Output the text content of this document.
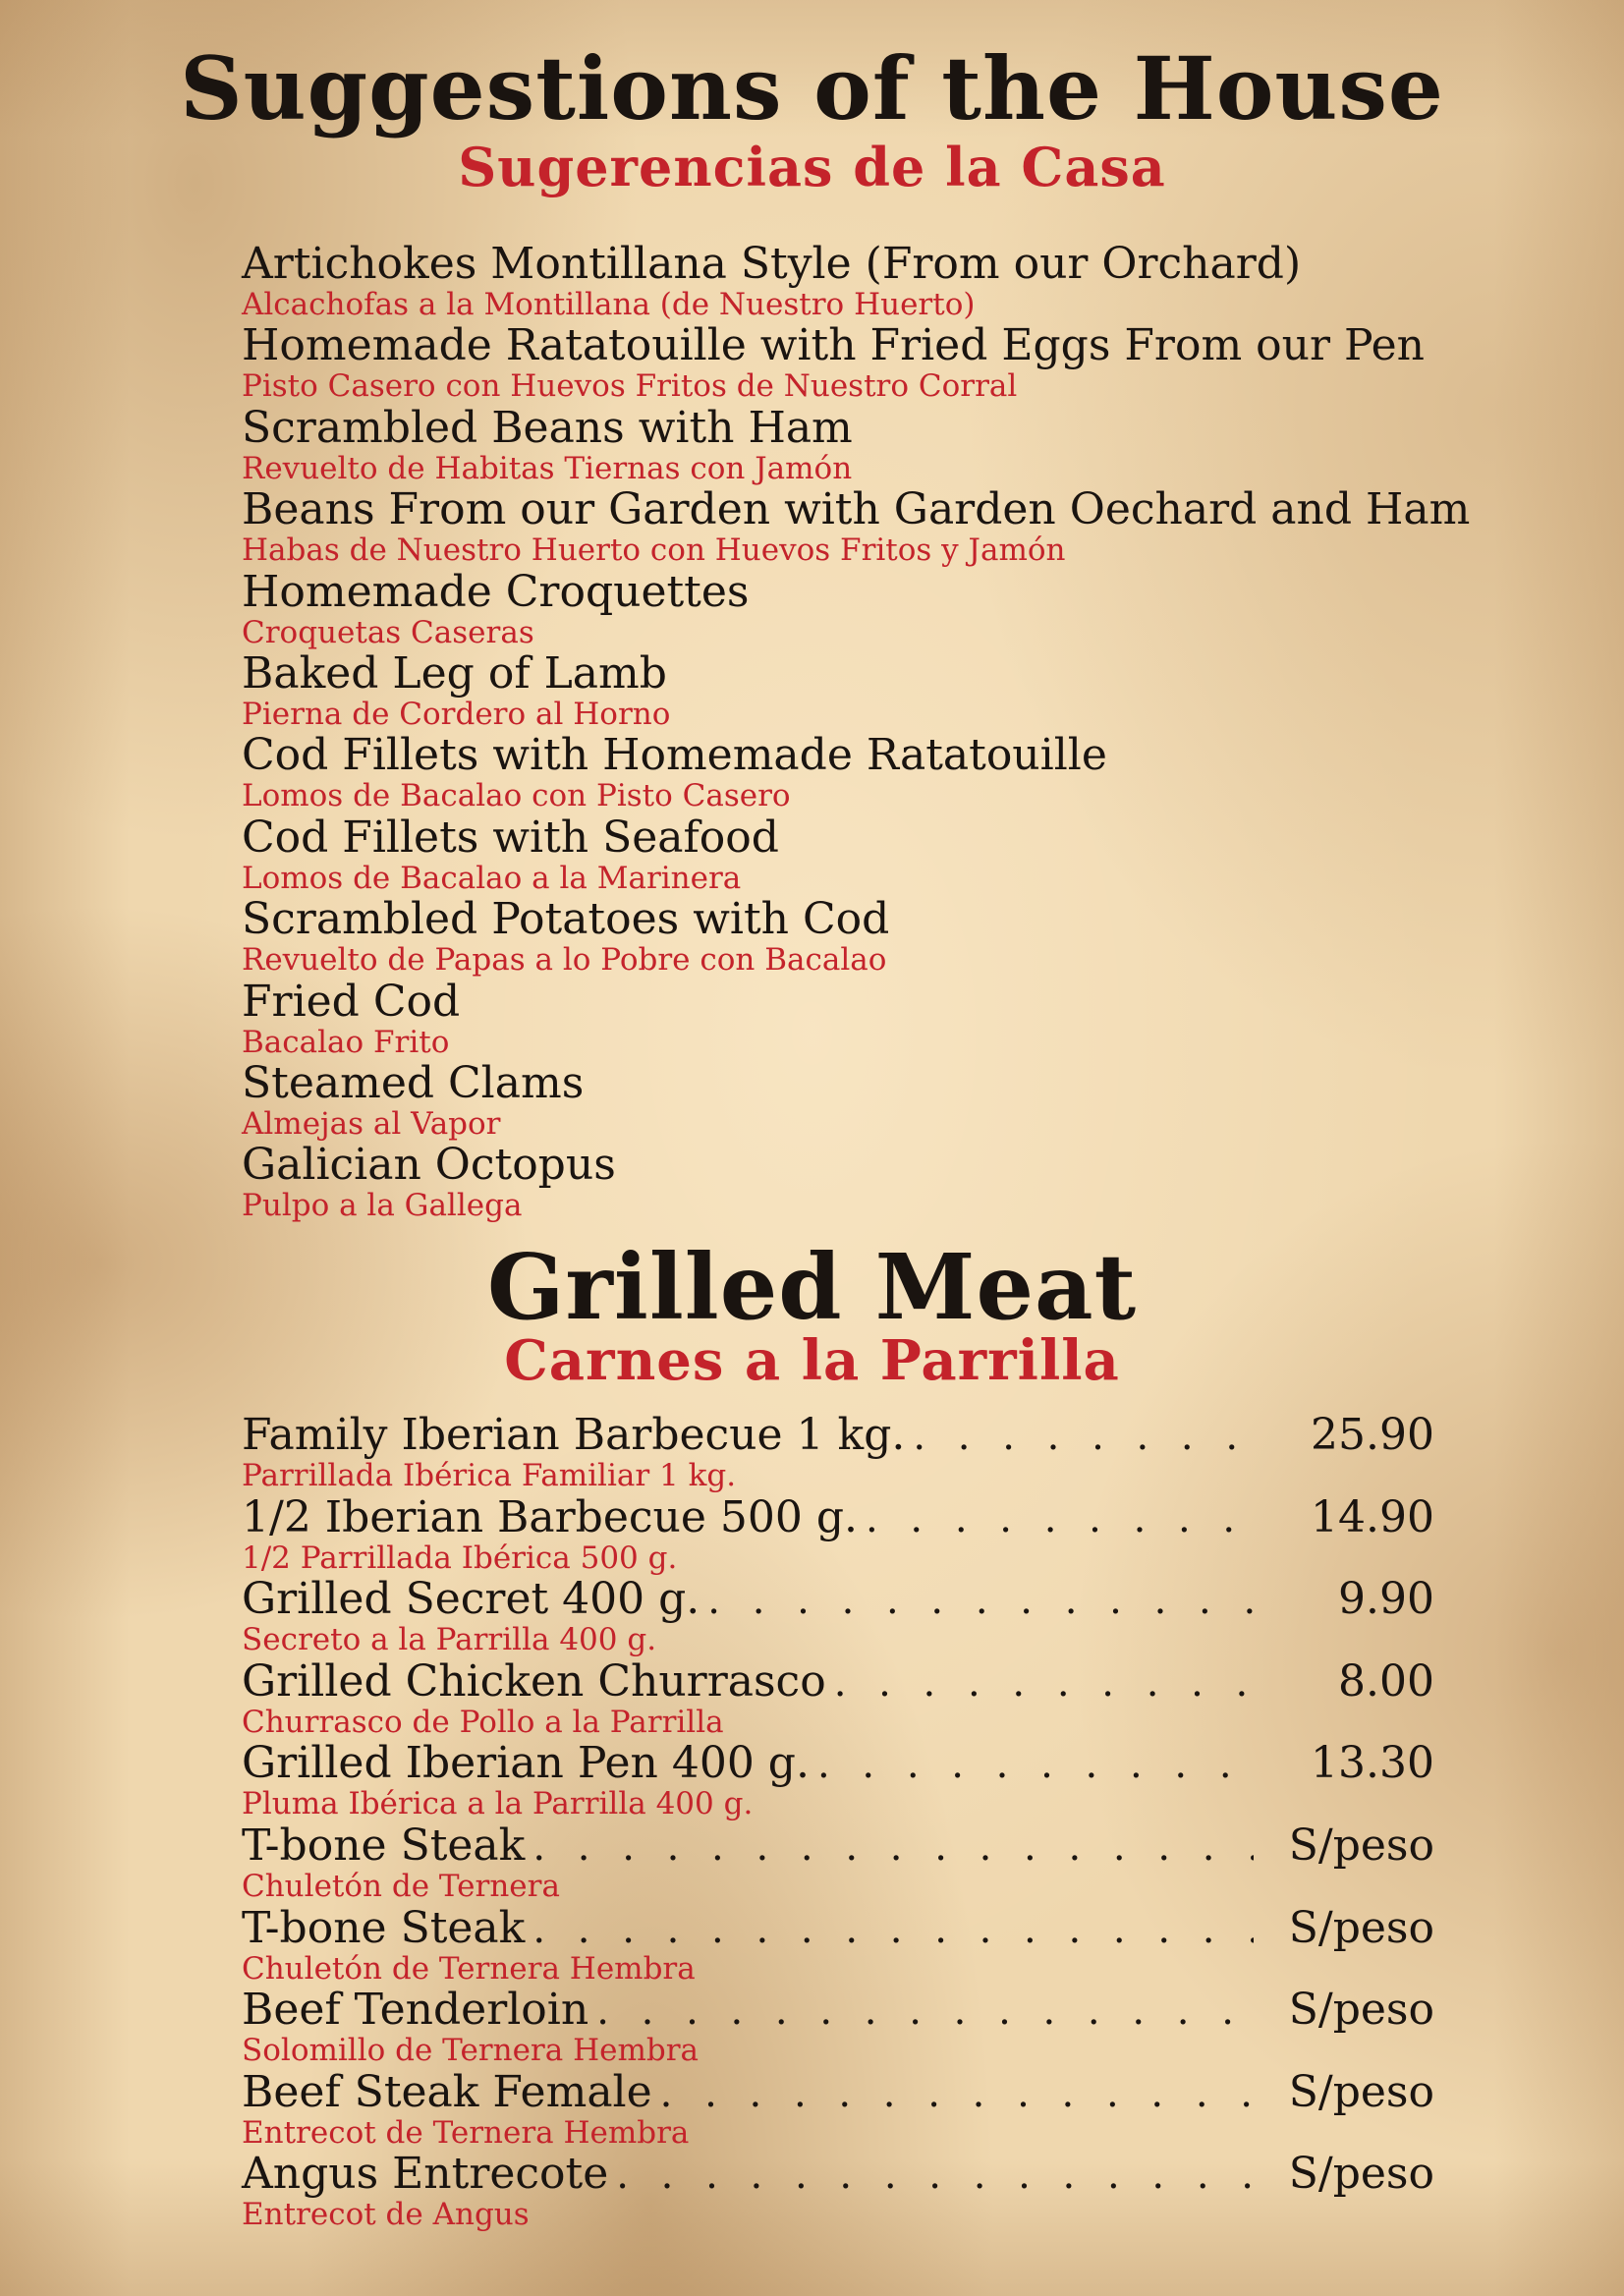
Suggestions of the House
Sugerencias de la Casa
Artichokes Montillana Style (From our Orchard)
Alcachofas a la Montillana (de Nuestro Huerto)
Homemade Ratatouille with Fried Eggs From our Pen
Pisto Casero con Huevos Fritos de Nuestro Corral
Scrambled Beans with Ham
Revuelto de Habitas Tiernas con Jamón
Beans From our Garden with Garden Oechard and Ham
Habas de Nuestro Huerto con Huevos Fritos y Jamón
Homemade Croquettes
Croquetas Caseras
Baked Leg of Lamb
Pierna de Cordero al Horno
Cod Fillets with Homemade Ratatouille
Lomos de Bacalao con Pisto Casero
Cod Fillets with Seafood
Lomos de Bacalao a la Marinera
Scrambled Potatoes with Cod
Revuelto de Papas a lo Pobre con Bacalao
Fried Cod
Bacalao Frito
Steamed Clams
Almejas al Vapor
Galician Octopus
Pulpo a la Gallega
Grilled Meat
Carnes a la Parrilla
Family Iberian Barbecue 1 kg. . . .	25.90
Parrillada Ibérica Familiar 1 kg.
1/2 Iberian Barbecue 500 g. . . .	14.90
1/2 Parrillada Ibérica 500 g.
Grilled Secret 400 g. . . .	9.90
Secreto a la Parrilla 400 g.
Grilled Chicken Churrasco . . .	8.00
Churrasco de Pollo a la Parrilla
Grilled Iberian Pen 400 g. . . .	13.30
Pluma Ibérica a la Parrilla 400 g.
T-bone Steak . . .	S/peso
Chuletón de Ternera
T-bone Steak . . .	S/peso
Chuletón de Ternera Hembra
Beef Tenderloin . . .	S/peso
Solomillo de Ternera Hembra
Beef Steak Female . . .	S/peso
Entrecot de Ternera Hembra
Angus Entrecote . . .	S/peso
Entrecot de Angus
